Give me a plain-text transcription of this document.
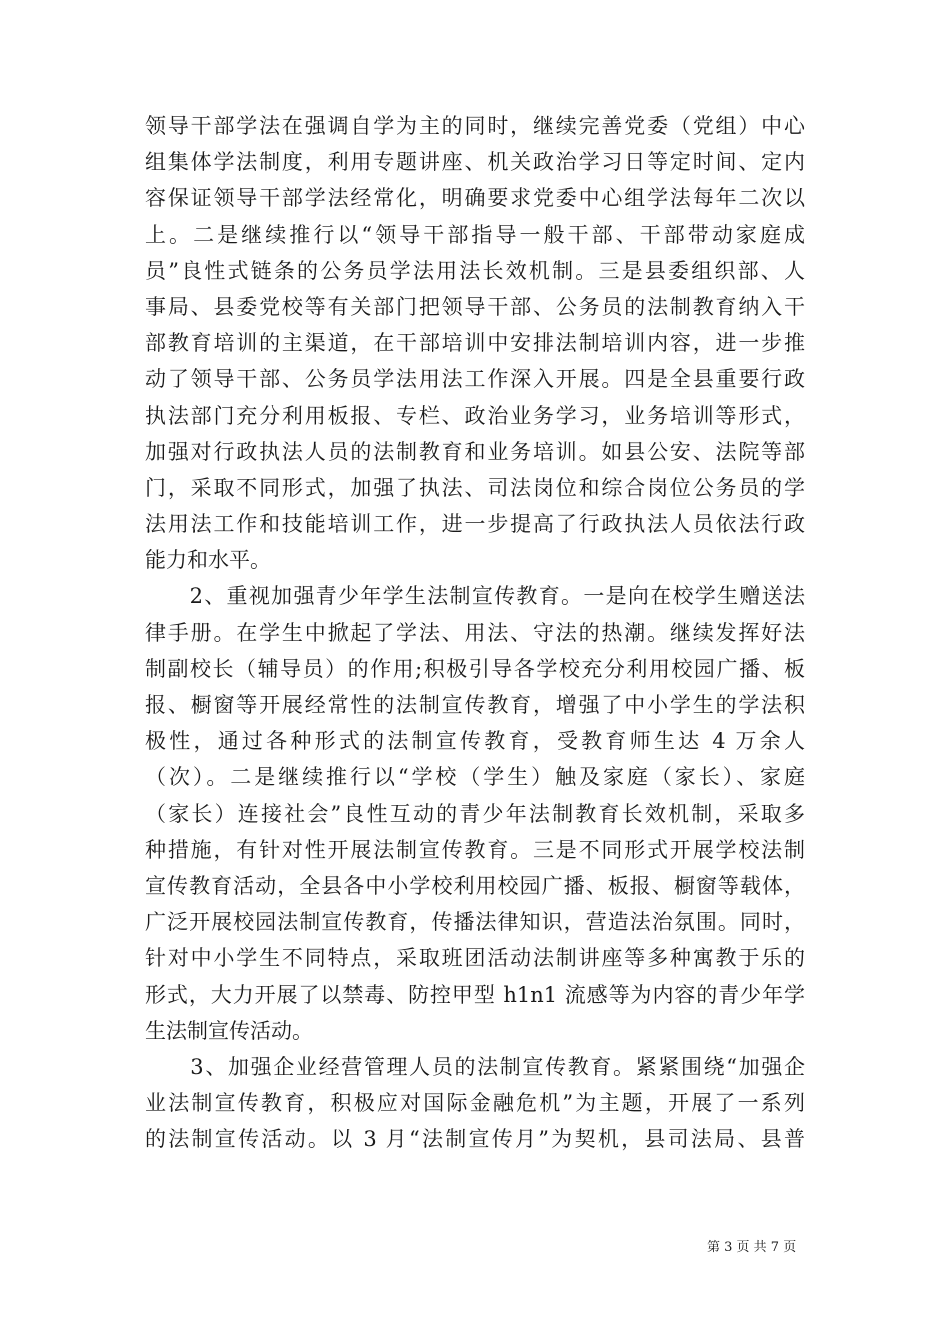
领导干部学法在强调自学为主的同时，继续完善党委（党组）中心
组集体学法制度，利用专题讲座、机关政治学习日等定时间、定内
容保证领导干部学法经常化，明确要求党委中心组学法每年二次以
上。二是继续推行以“领导干部指导一般干部、干部带动家庭成
员”良性式链条的公务员学法用法长效机制。三是县委组织部、人
事局、县委党校等有关部门把领导干部、公务员的法制教育纳入干
部教育培训的主渠道，在干部培训中安排法制培训内容，进一步推
动了领导干部、公务员学法用法工作深入开展。四是全县重要行政
执法部门充分利用板报、专栏、政治业务学习，业务培训等形式，
加强对行政执法人员的法制教育和业务培训。如县公安、法院等部
门，采取不同形式，加强了执法、司法岗位和综合岗位公务员的学
法用法工作和技能培训工作，进一步提高了行政执法人员依法行政
能力和水平。
　　2、重视加强青少年学生法制宣传教育。一是向在校学生赠送法
律手册。在学生中掀起了学法、用法、守法的热潮。继续发挥好法
制副校长（辅导员）的作用;积极引导各学校充分利用校园广播、板
报、橱窗等开展经常性的法制宣传教育，增强了中小学生的学法积
极性，通过各种形式的法制宣传教育，受教育师生达 4 万余人
（次）。二是继续推行以“学校（学生）触及家庭（家长）、家庭
（家长）连接社会”良性互动的青少年法制教育长效机制，采取多
种措施，有针对性开展法制宣传教育。三是不同形式开展学校法制
宣传教育活动，全县各中小学校利用校园广播、板报、橱窗等载体，
广泛开展校园法制宣传教育，传播法律知识，营造法治氛围。同时，
针对中小学生不同特点，采取班团活动法制讲座等多种寓教于乐的
形式，大力开展了以禁毒、防控甲型 h1n1 流感等为内容的青少年学
生法制宣传活动。
　　3、加强企业经营管理人员的法制宣传教育。紧紧围绕“加强企
业法制宣传教育，积极应对国际金融危机”为主题，开展了一系列
的法制宣传活动。以 3 月“法制宣传月”为契机，县司法局、县普
第 3 页 共 7 页
